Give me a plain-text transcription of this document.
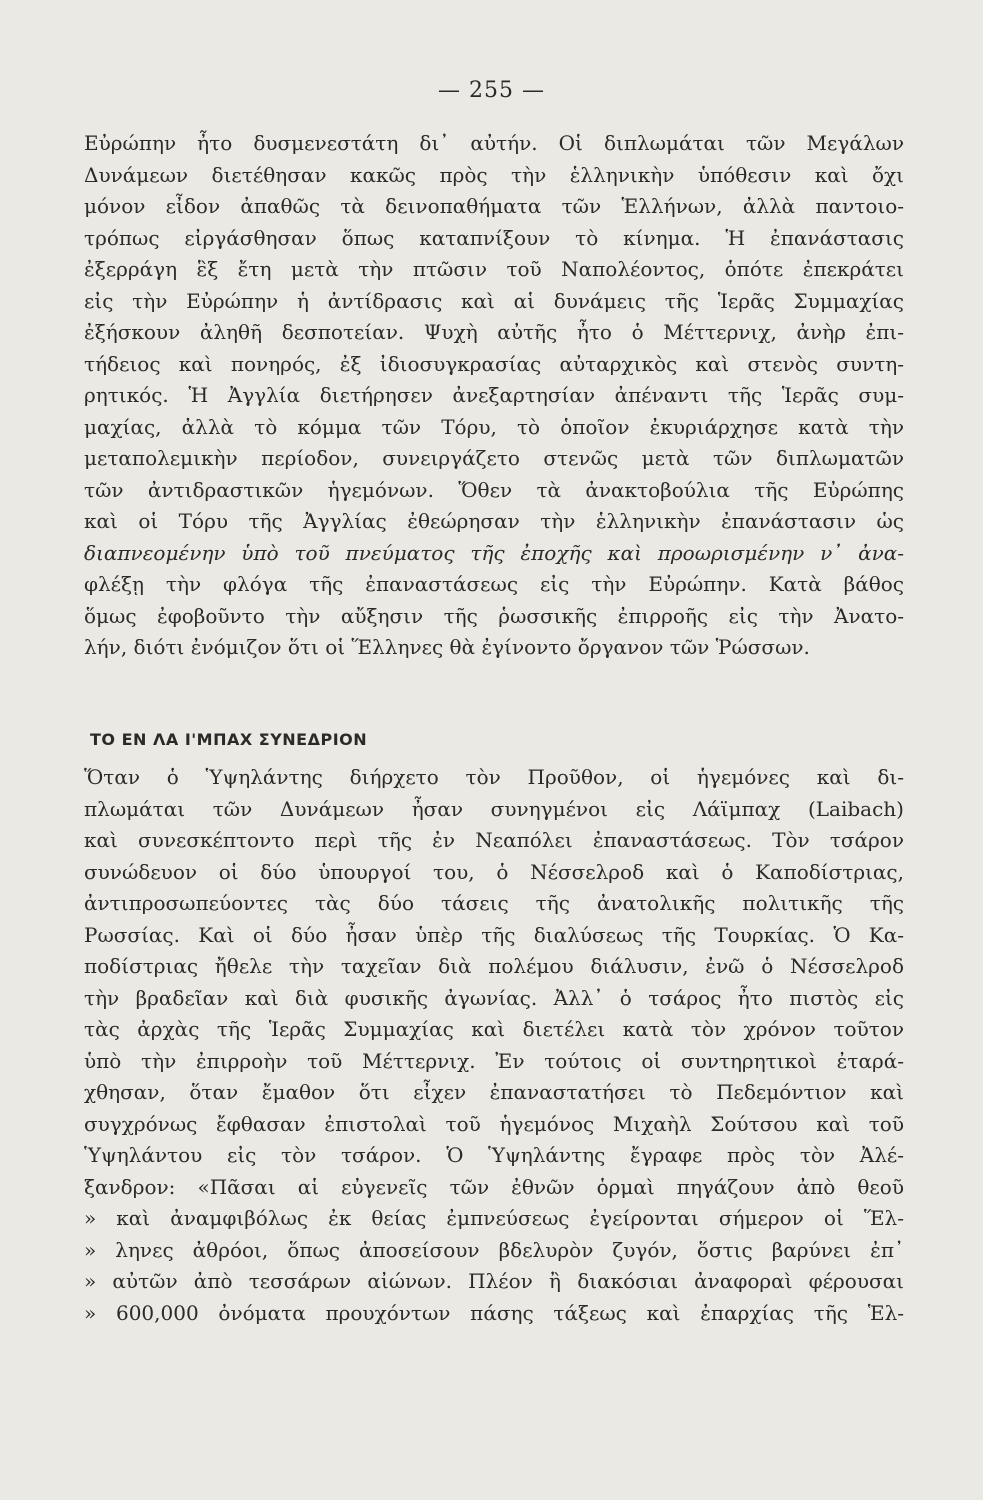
— 255 —
Εὐρώπην ἦτο δυσμενεστάτη δι᾽ αὐτήν. Οἱ διπλωμάται τῶν Μεγάλων
Δυνάμεων διετέθησαν κακῶς πρὸς τὴν ἑλληνικὴν ὑπόθεσιν καὶ ὄχι
μόνον εἶδον ἀπαθῶς τὰ δεινοπαθήματα τῶν Ἑλλήνων, ἀλλὰ παντοιο-
τρόπως εἰργάσθησαν ὅπως καταπνίξουν τὸ κίνημα. Ἡ ἐπανάστασις
ἐξερράγη ἓξ ἔτη μετὰ τὴν πτῶσιν τοῦ Ναπολέοντος, ὁπότε ἐπεκράτει
εἰς τὴν Εὐρώπην ἡ ἀντίδρασις καὶ αἱ δυνάμεις τῆς Ἱερᾶς Συμμαχίας
ἐξήσκουν ἀληθῆ δεσποτείαν. Ψυχὴ αὐτῆς ἦτο ὁ Μέττερνιχ, ἀνὴρ ἐπι-
τήδειος καὶ πονηρός, ἐξ ἰδιοσυγκρασίας αὐταρχικὸς καὶ στενὸς συντη-
ρητικός. Ἡ Ἀγγλία διετήρησεν ἀνεξαρτησίαν ἀπέναντι τῆς Ἱερᾶς συμ-
μαχίας, ἀλλὰ τὸ κόμμα τῶν Τόρυ, τὸ ὁποῖον ἐκυριάρχησε κατὰ τὴν
μεταπολεμικὴν περίοδον, συνειργάζετο στενῶς μετὰ τῶν διπλωματῶν
τῶν ἀντιδραστικῶν ἡγεμόνων. Ὅθεν τὰ ἀνακτοβούλια τῆς Εὐρώπης
καὶ οἱ Τόρυ τῆς Ἀγγλίας ἐθεώρησαν τὴν ἑλληνικὴν ἐπανάστασιν ὡς
διαπνεομένην ὑπὸ τοῦ πνεύματος τῆς ἐποχῆς καὶ προωρισμένην ν᾽ ἀνα-
φλέξῃ τὴν φλόγα τῆς ἐπαναστάσεως εἰς τὴν Εὐρώπην. Κατὰ βάθος
ὅμως ἐφοβοῦντο τὴν αὔξησιν τῆς ῥωσσικῆς ἐπιρροῆς εἰς τὴν Ἀνατο-
λήν, διότι ἐνόμιζον ὅτι οἱ Ἕλληνες θὰ ἐγίνοντο ὄργανον τῶν Ῥώσσων.
ΤΟ ΕΝ ΛΑ Ι'ΜΠΑΧ ΣΥΝΕΔΡΙΟΝ
Ὅταν ὁ Ὑψηλάντης διήρχετο τὸν Προῦθον, οἱ ἡγεμόνες καὶ δι-
πλωμάται τῶν Δυνάμεων ἦσαν συνηγμένοι εἰς Λάϊμπαχ (Laibach)
καὶ συνεσκέπτοντο περὶ τῆς ἐν Νεαπόλει ἐπαναστάσεως. Τὸν τσάρον
συνώδευον οἱ δύο ὑπουργοί του, ὁ Νέσσελροδ καὶ ὁ Καποδίστριας,
ἀντιπροσωπεύοντες τὰς δύο τάσεις τῆς ἀνατολικῆς πολιτικῆς τῆς
Ρωσσίας. Καὶ οἱ δύο ἦσαν ὑπὲρ τῆς διαλύσεως τῆς Τουρκίας. Ὁ Κα-
ποδίστριας ἤθελε τὴν ταχεῖαν διὰ πολέμου διάλυσιν, ἐνῶ ὁ Νέσσελροδ
τὴν βραδεῖαν καὶ διὰ φυσικῆς ἀγωνίας. Ἀλλ᾽ ὁ τσάρος ἦτο πιστὸς εἰς
τὰς ἀρχὰς τῆς Ἱερᾶς Συμμαχίας καὶ διετέλει κατὰ τὸν χρόνον τοῦτον
ὑπὸ τὴν ἐπιρροὴν τοῦ Μέττερνιχ. Ἐν τούτοις οἱ συντηρητικοὶ ἐταρά-
χθησαν, ὅταν ἔμαθον ὅτι εἶχεν ἐπαναστατήσει τὸ Πεδεμόντιον καὶ
συγχρόνως ἔφθασαν ἐπιστολαὶ τοῦ ἡγεμόνος Μιχαὴλ Σούτσου καὶ τοῦ
Ὑψηλάντου εἰς τὸν τσάρον. Ὁ Ὑψηλάντης ἔγραφε πρὸς τὸν Ἀλέ-
ξανδρον: «Πᾶσαι αἱ εὐγενεῖς τῶν ἐθνῶν ὁρμαὶ πηγάζουν ἀπὸ θεοῦ
» καὶ ἀναμφιβόλως ἐκ θείας ἐμπνεύσεως ἐγείρονται σήμερον οἱ Ἕλ-
» ληνες ἀθρόοι, ὅπως ἀποσείσουν βδελυρὸν ζυγόν, ὅστις βαρύνει ἐπ᾽
» αὐτῶν ἀπὸ τεσσάρων αἰώνων. Πλέον ἢ διακόσιαι ἀναφοραὶ φέρουσαι
» 600,000 ὀνόματα προυχόντων πάσης τάξεως καὶ ἐπαρχίας τῆς Ἑλ-
